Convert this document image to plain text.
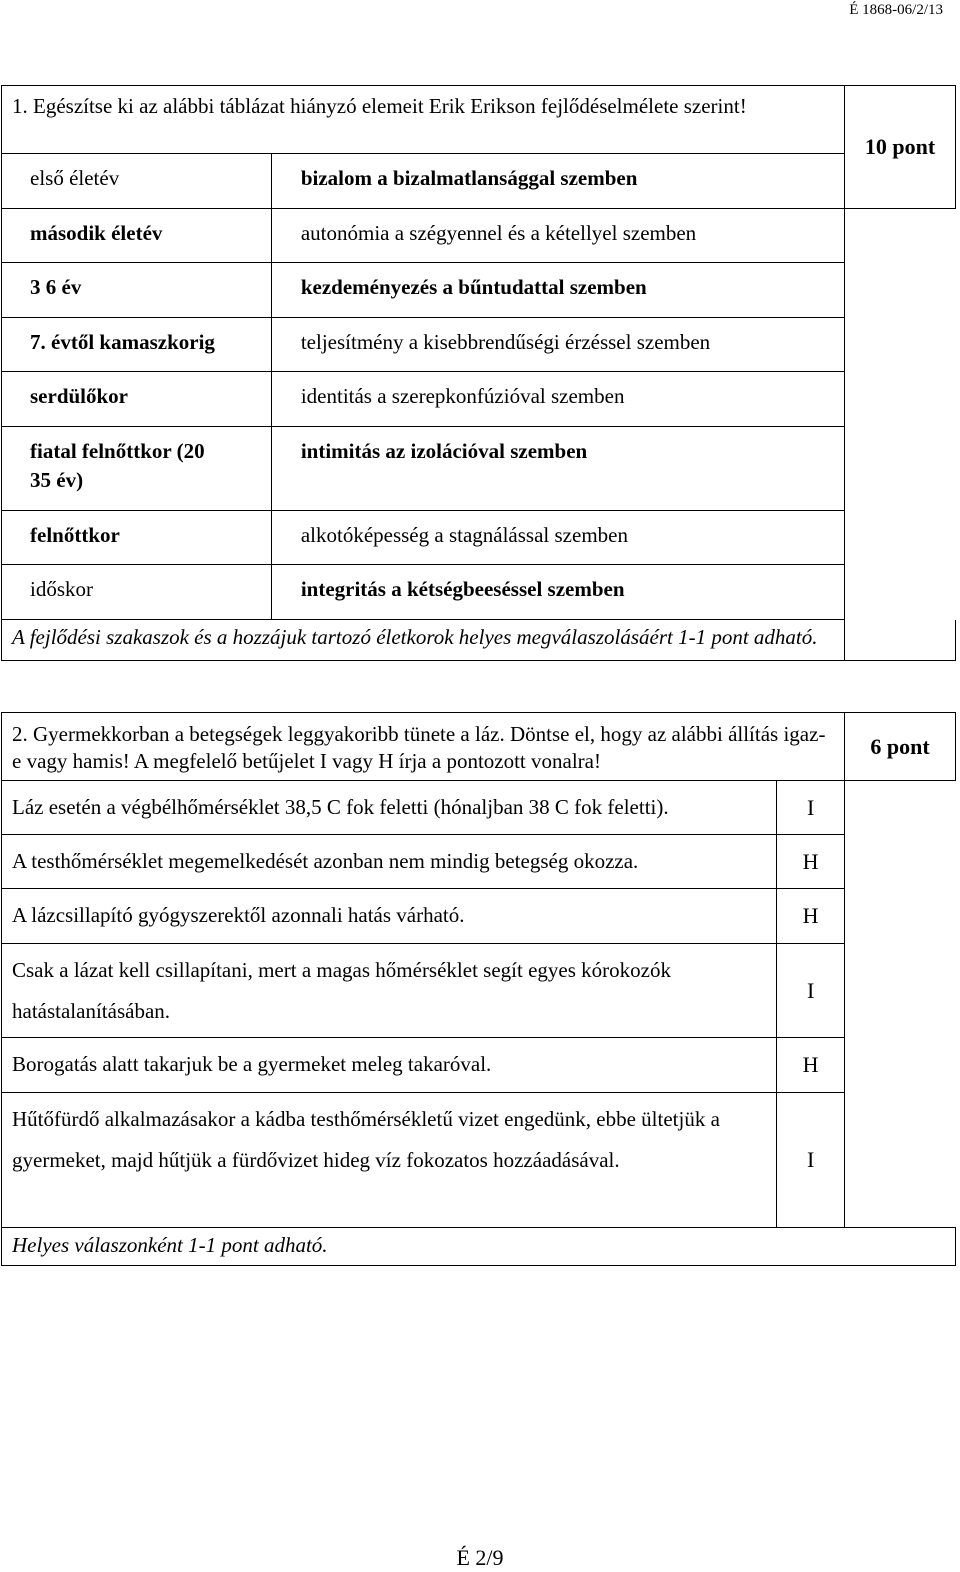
É 1868-06/2/13
1. Egészítse ki az alábbi táblázat hiányzó elemeit Erik Erikson fejlődéselmélete szerint!		10 pont
első életév	bizalom a bizalmatlansággal szemben	
második életév	autonómia a szégyennel és a kétellyel szemben	
3 6 év	kezdeményezés a bűntudattal szemben	
7. évtől kamaszkorig	teljesítmény a kisebbrendűségi érzéssel szemben	
serdülőkor	identitás a szerepkonfúzióval szemben	
fiatal felnőttkor (20 35 év)	intimitás az izolációval szemben	
felnőttkor	alkotóképesség a stagnálással szemben	
időskor	integritás a kétségbeeséssel szemben	
A fejlődési szakaszok és a hozzájuk tartozó életkorok helyes megválaszolásáért 1-1 pont adható.		
2. Gyermekkorban a betegségek leggyakoribb tünete a láz. Döntse el, hogy az alábbi állítás igaz-e vagy hamis! A megfelelő betűjelet I vagy H írja a pontozott vonalra!		6 pont
Láz esetén a végbélhőmérséklet 38,5 C fok feletti (hónaljban 38 C fok feletti).	I	
A testhőmérséklet megemelkedését azonban nem mindig betegség okozza.	H	
A lázcsillapító gyógyszerektől azonnali hatás várható.	H	
Csak a lázat kell csillapítani, mert a magas hőmérséklet segít egyes kórokozók hatástalanításában.	I	
Borogatás alatt takarjuk be a gyermeket meleg takaróval.	H	
Hűtőfürdő alkalmazásakor a kádba testhőmérsékletű vizet engedünk, ebbe ültetjük a gyermeket, majd hűtjük a fürdővizet hideg víz fokozatos hozzáadásával.	I	
Helyes válaszonként 1-1 pont adható.		
É 2/9
